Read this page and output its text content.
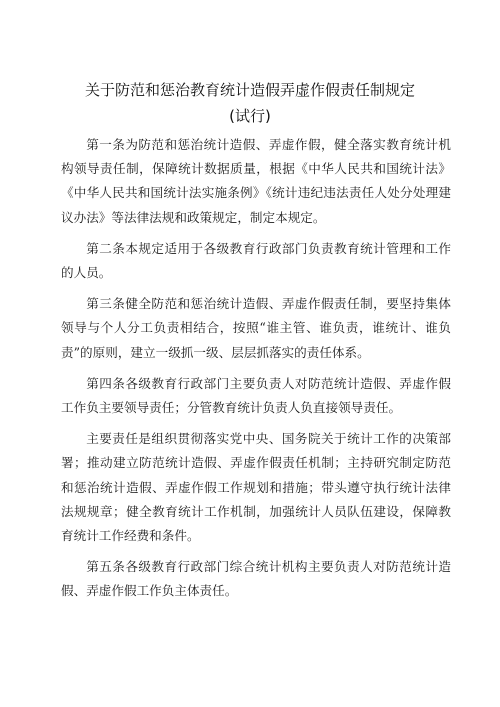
关于防范和惩治教育统计造假弄虚作假责任制规定
(试行)

第一条为防范和惩治统计造假、弄虚作假，健全落实教育统计机构领导责任制，保障统计数据质量，根据《中华人民共和国统计法》《中华人民共和国统计法实施条例》《统计违纪违法责任人处分处理建议办法》等法律法规和政策规定，制定本规定。

第二条本规定适用于各级教育行政部门负责教育统计管理和工作的人员。

第三条健全防范和惩治统计造假、弄虚作假责任制，要坚持集体领导与个人分工负责相结合，按照“谁主管、谁负责，谁统计、谁负责”的原则，建立一级抓一级、层层抓落实的责任体系。

第四条各级教育行政部门主要负责人对防范统计造假、弄虚作假工作负主要领导责任；分管教育统计负责人负直接领导责任。

主要责任是组织贯彻落实党中央、国务院关于统计工作的决策部署；推动建立防范统计造假、弄虚作假责任机制；主持研究制定防范和惩治统计造假、弄虚作假工作规划和措施；带头遵守执行统计法律法规规章；健全教育统计工作机制，加强统计人员队伍建设，保障教育统计工作经费和条件。

第五条各级教育行政部门综合统计机构主要负责人对防范统计造假、弄虚作假工作负主体责任。
